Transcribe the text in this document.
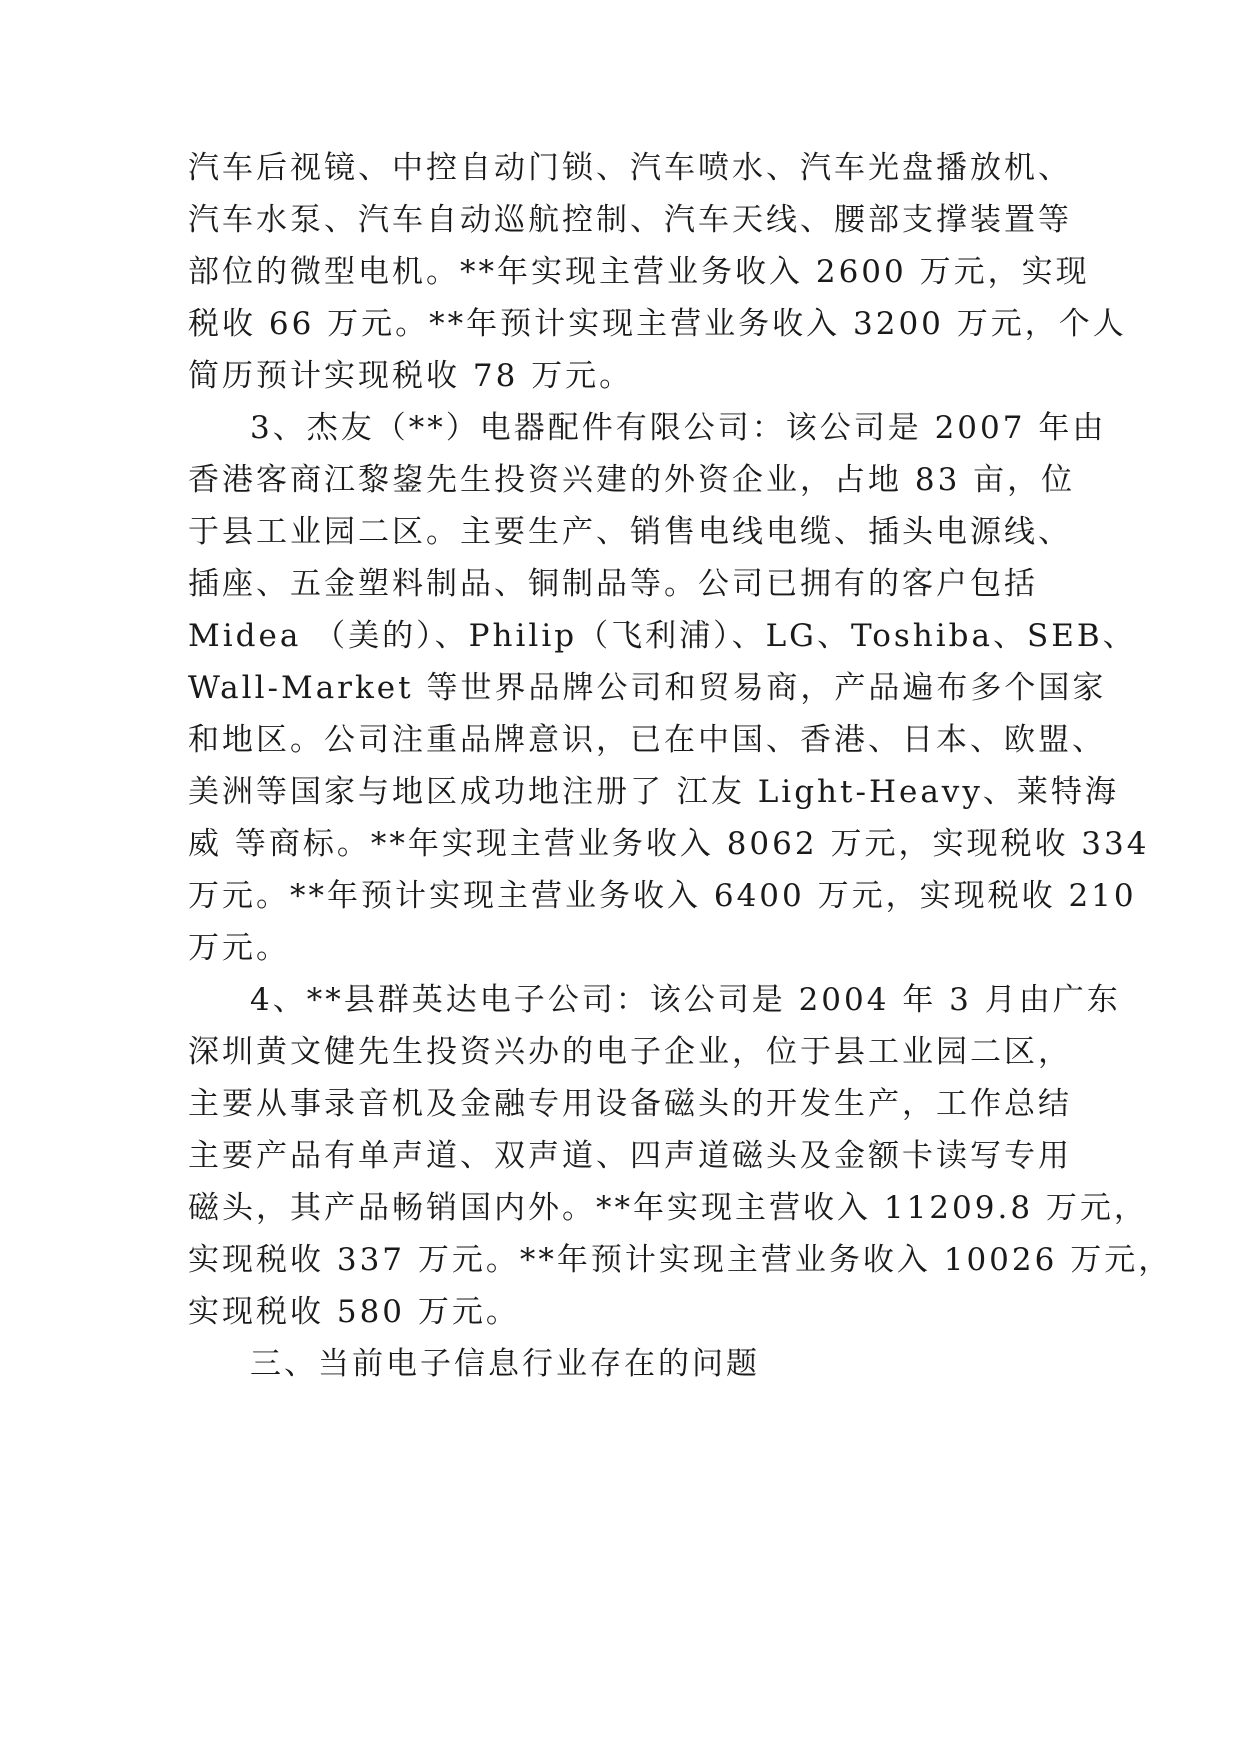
汽车后视镜、中控自动门锁、汽车喷水、汽车光盘播放机、
汽车水泵、汽车自动巡航控制、汽车天线、腰部支撑装置等
部位的微型电机。**年实现主营业务收入 2600 万元，实现
税收 66 万元。**年预计实现主营业务收入 3200 万元，个人
简历预计实现税收 78 万元。
3、杰友（**）电器配件有限公司：该公司是 2007 年由
香港客商江黎鋆先生投资兴建的外资企业，占地 83 亩，位
于县工业园二区。主要生产、销售电线电缆、插头电源线、
插座、五金塑料制品、铜制品等。公司已拥有的客户包括
Midea （美的）、Philip（飞利浦）、LG、Toshiba、SEB、
Wall-Market 等世界品牌公司和贸易商，产品遍布多个国家
和地区。公司注重品牌意识，已在中国、香港、日本、欧盟、
美洲等国家与地区成功地注册了 江友 Light-Heavy、莱特海
威 等商标。**年实现主营业务收入 8062 万元，实现税收 334
万元。**年预计实现主营业务收入 6400 万元，实现税收 210
万元。
4、**县群英达电子公司：该公司是 2004 年 3 月由广东
深圳黄文健先生投资兴办的电子企业，位于县工业园二区，
主要从事录音机及金融专用设备磁头的开发生产，工作总结
主要产品有单声道、双声道、四声道磁头及金额卡读写专用
磁头，其产品畅销国内外。**年实现主营收入 11209.8 万元，
实现税收 337 万元。**年预计实现主营业务收入 10026 万元，
实现税收 580 万元。
三、当前电子信息行业存在的问题
